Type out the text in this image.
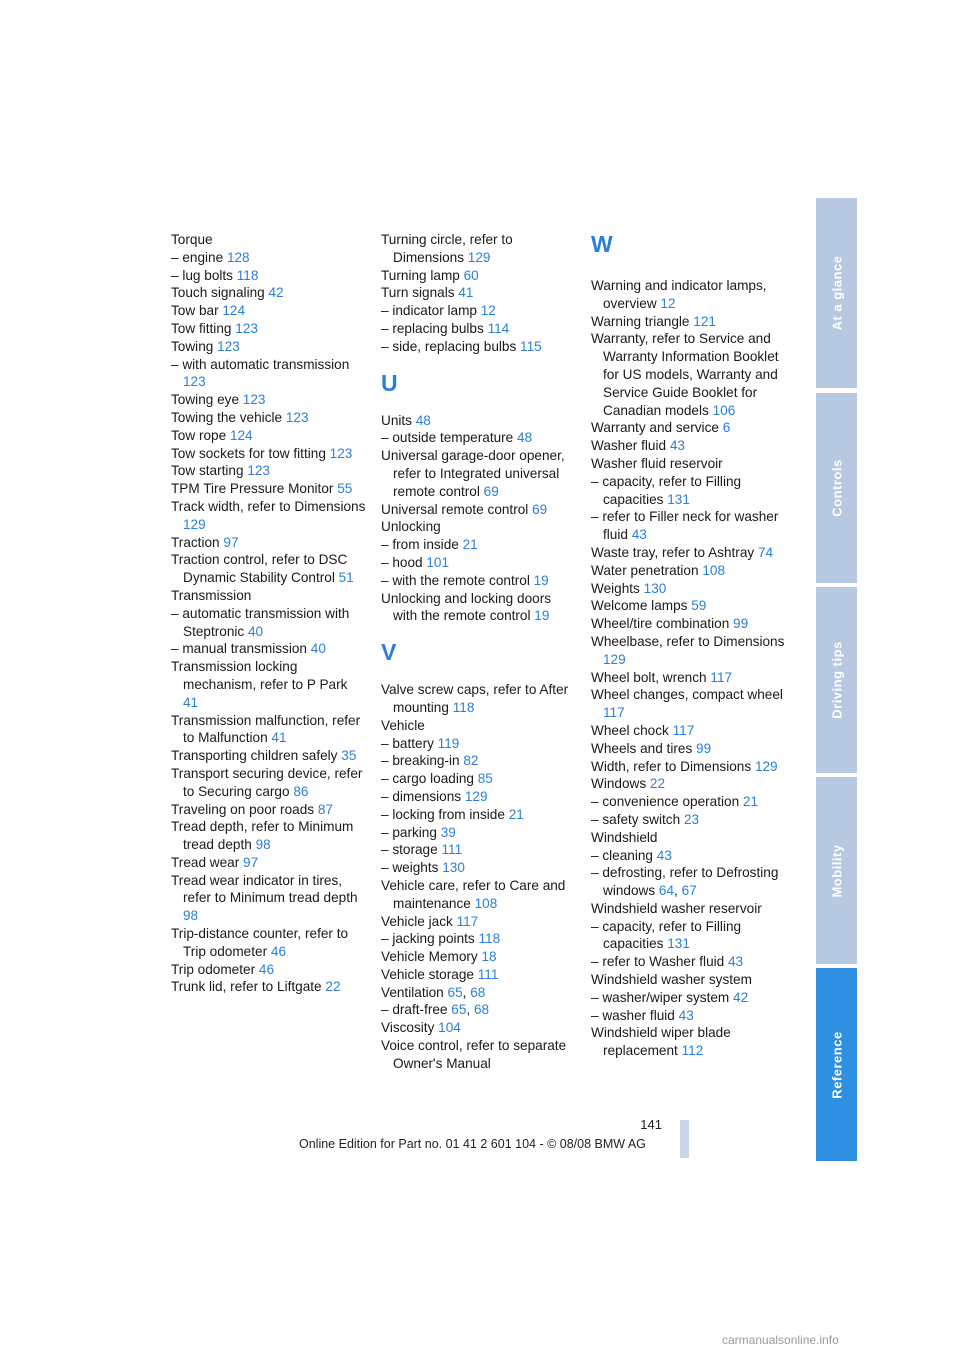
Torque
– engine 128
– lug bolts 118
Touch signaling 42
Tow bar 124
Tow fitting 123
Towing 123
– with automatic transmission 123
Towing eye 123
Towing the vehicle 123
Tow rope 124
Tow sockets for tow fitting 123
Tow starting 123
TPM Tire Pressure Monitor 55
Track width, refer to Dimensions 129
Traction 97
Traction control, refer to DSC Dynamic Stability Control 51
Transmission
– automatic transmission with Steptronic 40
– manual transmission 40
Transmission locking mechanism, refer to P Park 41
Transmission malfunction, refer to Malfunction 41
Transporting children safely 35
Transport securing device, refer to Securing cargo 86
Traveling on poor roads 87
Tread depth, refer to Minimum tread depth 98
Tread wear 97
Tread wear indicator in tires, refer to Minimum tread depth 98
Trip-distance counter, refer to Trip odometer 46
Trip odometer 46
Trunk lid, refer to Liftgate 22
Turning circle, refer to Dimensions 129
Turning lamp 60
Turn signals 41
– indicator lamp 12
– replacing bulbs 114
– side, replacing bulbs 115
U
Units 48
– outside temperature 48
Universal garage-door opener, refer to Integrated universal remote control 69
Universal remote control 69
Unlocking
– from inside 21
– hood 101
– with the remote control 19
Unlocking and locking doors with the remote control 19
V
Valve screw caps, refer to After mounting 118
Vehicle
– battery 119
– breaking-in 82
– cargo loading 85
– dimensions 129
– locking from inside 21
– parking 39
– storage 111
– weights 130
Vehicle care, refer to Care and maintenance 108
Vehicle jack 117
– jacking points 118
Vehicle Memory 18
Vehicle storage 111
Ventilation 65, 68
– draft-free 65, 68
Viscosity 104
Voice control, refer to separate Owner's Manual
W
Warning and indicator lamps, overview 12
Warning triangle 121
Warranty, refer to Service and Warranty Information Booklet for US models, Warranty and Service Guide Booklet for Canadian models 106
Warranty and service 6
Washer fluid 43
Washer fluid reservoir
– capacity, refer to Filling capacities 131
– refer to Filler neck for washer fluid 43
Waste tray, refer to Ashtray 74
Water penetration 108
Weights 130
Welcome lamps 59
Wheel/tire combination 99
Wheelbase, refer to Dimensions 129
Wheel bolt, wrench 117
Wheel changes, compact wheel 117
Wheel chock 117
Wheels and tires 99
Width, refer to Dimensions 129
Windows 22
– convenience operation 21
– safety switch 23
Windshield
– cleaning 43
– defrosting, refer to Defrosting windows 64, 67
Windshield washer reservoir
– capacity, refer to Filling capacities 131
– refer to Washer fluid 43
Windshield washer system
– washer/wiper system 42
– washer fluid 43
Windshield wiper blade replacement 112
At a glance
Controls
Driving tips
Mobility
Reference
141
Online Edition for Part no. 01 41 2 601 104 - © 08/08 BMW AG
carmanualsonline.info
